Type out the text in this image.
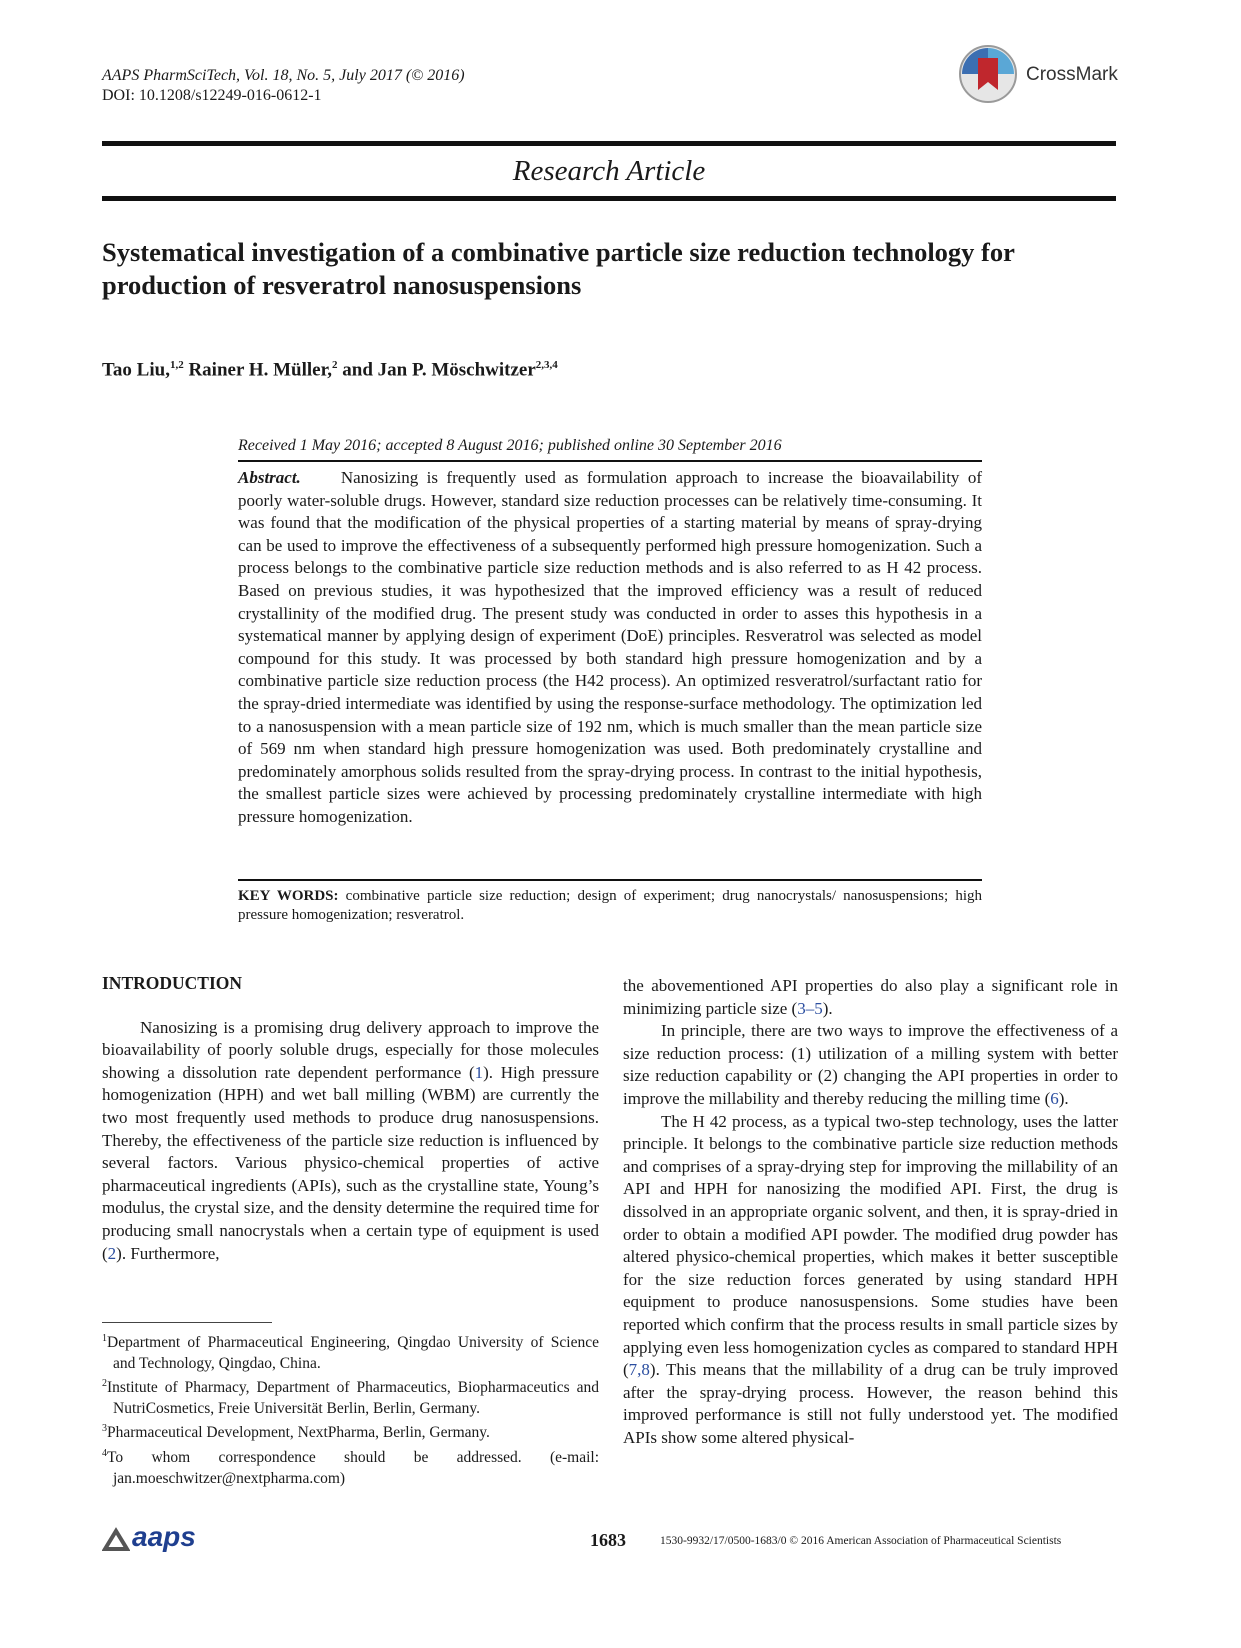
AAPS PharmSciTech, Vol. 18, No. 5, July 2017 (© 2016)
DOI: 10.1208/s12249-016-0612-1
CrossMark
Research Article
Systematical investigation of a combinative particle size reduction technology for production of resveratrol nanosuspensions
Tao Liu,$^{1,2}$ Rainer H. Müller,$^2$ and Jan P. Möschwitzer$^{2,3,4}$
Received 1 May 2016; accepted 8 August 2016; published online 30 September 2016
Abstract. Nanosizing is frequently used as formulation approach to increase the bioavailability of poorly water-soluble drugs. However, standard size reduction processes can be relatively time-consuming. It was found that the modification of the physical properties of a starting material by means of spray-drying can be used to improve the effectiveness of a subsequently performed high pressure homogenization. Such a process belongs to the combinative particle size reduction methods and is also referred to as H 42 process. Based on previous studies, it was hypothesized that the improved efficiency was a result of reduced crystallinity of the modified drug. The present study was conducted in order to asses this hypothesis in a systematical manner by applying design of experiment (DoE) principles. Resveratrol was selected as model compound for this study. It was processed by both standard high pressure homogenization and by a combinative particle size reduction process (the H42 process). An optimized resveratrol/surfactant ratio for the spray-dried intermediate was identified by using the response-surface methodology. The optimization led to a nanosuspension with a mean particle size of 192 nm, which is much smaller than the mean particle size of 569 nm when standard high pressure homogenization was used. Both predominately crystalline and predominately amorphous solids resulted from the spray-drying process. In contrast to the initial hypothesis, the smallest particle sizes were achieved by processing predominately crystalline intermediate with high pressure homogenization.
KEY WORDS: combinative particle size reduction; design of experiment; drug nanocrystals/ nanosuspensions; high pressure homogenization; resveratrol.
INTRODUCTION

Nanosizing is a promising drug delivery approach to improve the bioavailability of poorly soluble drugs, especially for those molecules showing a dissolution rate dependent performance (1). High pressure homogenization (HPH) and wet ball milling (WBM) are currently the two most frequently used methods to produce drug nanosuspensions. Thereby, the effectiveness of the particle size reduction is influenced by several factors. Various physico-chemical properties of active pharmaceutical ingredients (APIs), such as the crystalline state, Young’s modulus, the crystal size, and the density determine the required time for producing small nanocrystals when a certain type of equipment is used (2). Furthermore,

$^1$Department of Pharmaceutical Engineering, Qingdao University of Science and Technology, Qingdao, China.

$^2$Institute of Pharmacy, Department of Pharmaceutics, Biopharmaceutics and NutriCosmetics, Freie Universität Berlin, Berlin, Germany.

$^3$Pharmaceutical Development, NextPharma, Berlin, Germany.

$^4$To whom correspondence should be addressed. (e-mail: jan.moeschwitzer@nextpharma.com)

the abovementioned API properties do also play a significant role in minimizing particle size (3–5).

In principle, there are two ways to improve the effectiveness of a size reduction process: (1) utilization of a milling system with better size reduction capability or (2) changing the API properties in order to improve the millability and thereby reducing the milling time (6).

The H 42 process, as a typical two-step technology, uses the latter principle. It belongs to the combinative particle size reduction methods and comprises of a spray-drying step for improving the millability of an API and HPH for nanosizing the modified API. First, the drug is dissolved in an appropriate organic solvent, and then, it is spray-dried in order to obtain a modified API powder. The modified drug powder has altered physico-chemical properties, which makes it better susceptible for the size reduction forces generated by using standard HPH equipment to produce nanosuspensions. Some studies have been reported which confirm that the process results in small particle sizes by applying even less homogenization cycles as compared to standard HPH (7,8). This means that the millability of a drug can be truly improved after the spray-drying process. However, the reason behind this improved performance is still not fully understood yet. The modified APIs show some altered physical-

aaps	1683	1530-9932/17/0500-1683/0 © 2016 American Association of Pharmaceutical Scientists
